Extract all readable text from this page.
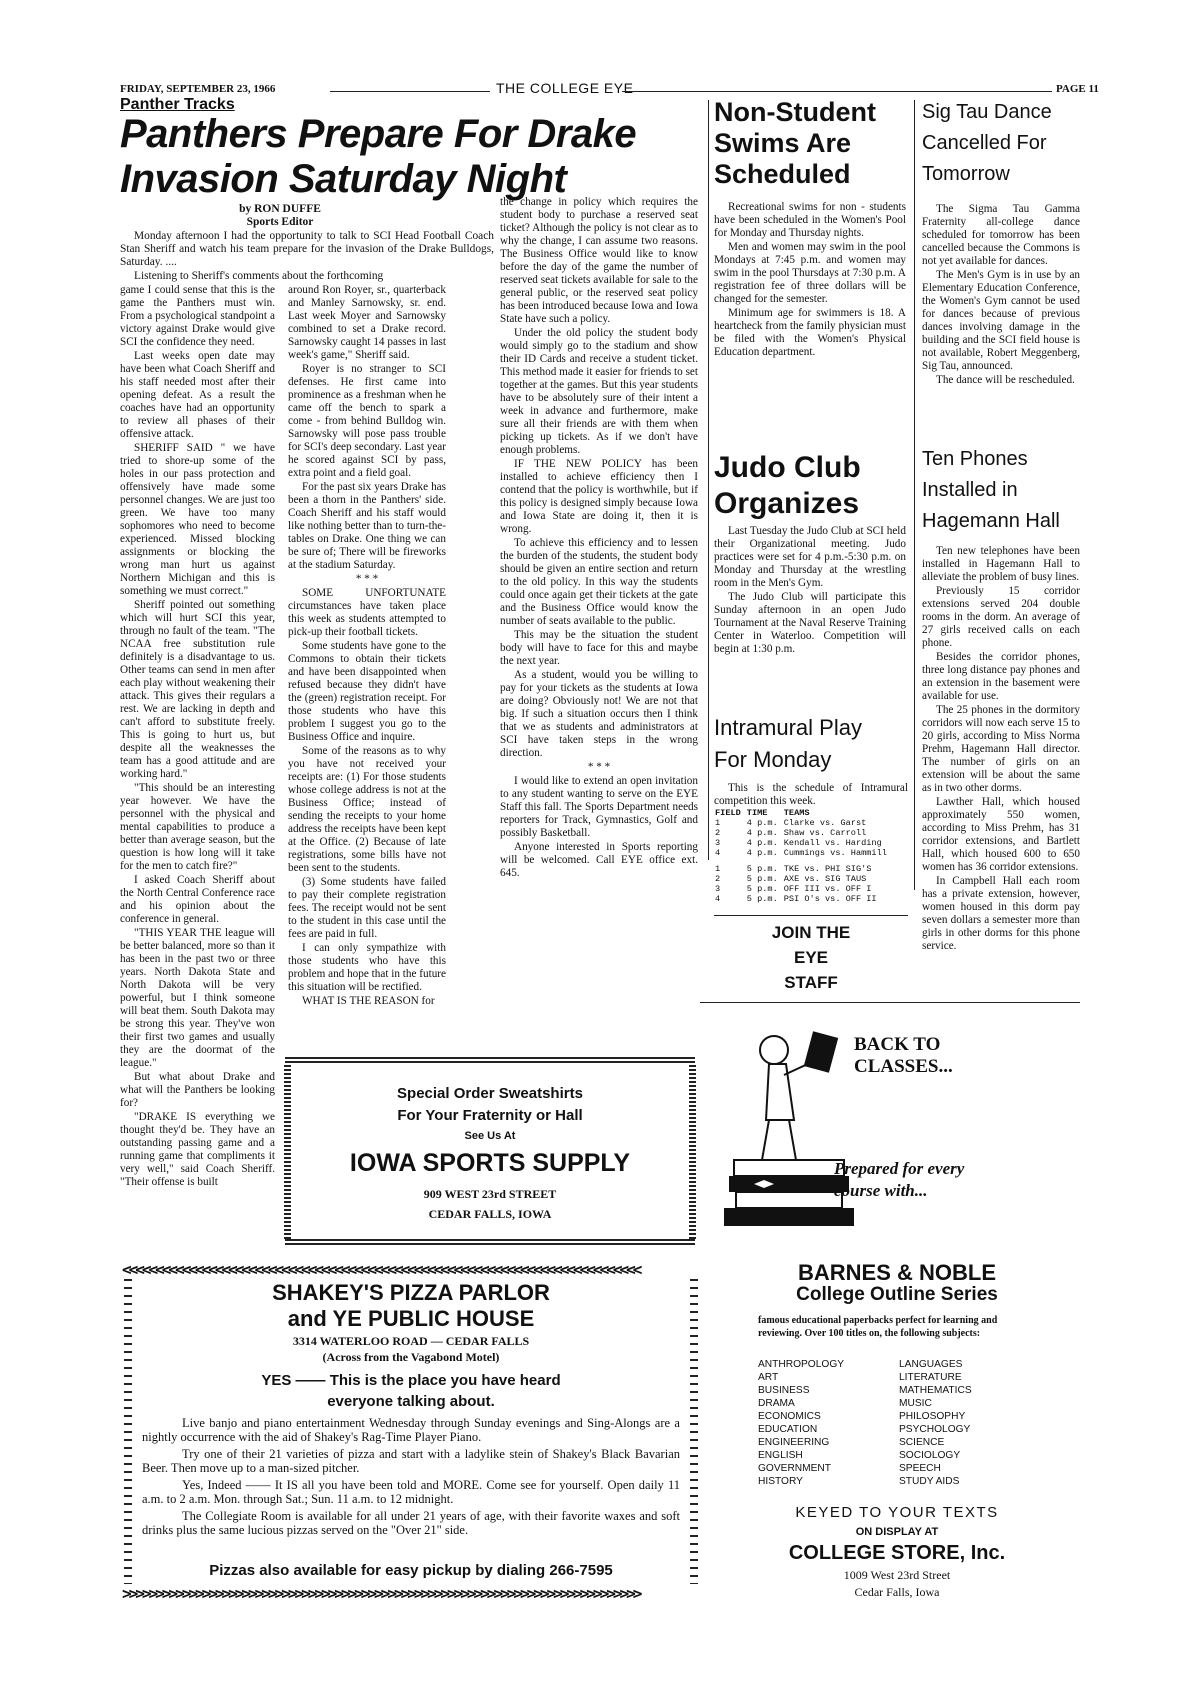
FRIDAY, SEPTEMBER 23, 1966	THE COLLEGE EYE	PAGE 11
Panther Tracks
Panthers Prepare For Drake
Invasion Saturday Night
by RON DUFFE
Sports Editor

Monday afternoon I had the opportunity to talk to SCI Head Football Coach Stan Sheriff and watch his team prepare for the invasion of the Drake Bulldogs, Saturday. ....

Listening to Sheriff's comments about the forthcoming

game I could sense that this is the game the Panthers must win. From a psychological standpoint a victory against Drake would give SCI the confidence they need.

Last weeks open date may have been what Coach Sheriff and his staff needed most after their opening defeat. As a result the coaches have had an opportunity to review all phases of their offensive attack.

SHERIFF SAID " we have tried to shore-up some of the holes in our pass protection and offensively have made some personnel changes. We are just too green. We have too many sophomores who need to become experienced. Missed blocking assignments or blocking the wrong man hurt us against Northern Michigan and this is something we must correct."

Sheriff pointed out something which will hurt SCI this year, through no fault of the team. "The NCAA free substitution rule definitely is a disadvantage to us. Other teams can send in men after each play without weakening their attack. This gives their regulars a rest. We are lacking in depth and can't afford to substitute freely. This is going to hurt us, but despite all the weaknesses the team has a good attitude and are working hard."

"This should be an interesting year however. We have the personnel with the physical and mental capabilities to produce a better than average season, but the question is how long will it take for the men to catch fire?"

I asked Coach Sheriff about the North Central Conference race and his opinion about the conference in general.

"THIS YEAR THE league will be better balanced, more so than it has been in the past two or three years. North Dakota State and North Dakota will be very powerful, but I think someone will beat them. South Dakota may be strong this year. They've won their first two games and usually they are the doormat of the league."

But what about Drake and what will the Panthers be looking for?

"DRAKE IS everything we thought they'd be. They have an outstanding passing game and a running game that compliments it very well," said Coach Sheriff. "Their offense is built

around Ron Royer, sr., quarterback and Manley Sarnowsky, sr. end. Last week Moyer and Sarnowsky combined to set a Drake record. Sarnowsky caught 14 passes in last week's game," Sheriff said.

Royer is no stranger to SCI defenses. He first came into prominence as a freshman when he came off the bench to spark a come - from behind Bulldog win. Sarnowsky will pose pass trouble for SCI's deep secondary. Last year he scored against SCI by pass, extra point and a field goal.

For the past six years Drake has been a thorn in the Panthers' side. Coach Sheriff and his staff would like nothing better than to turn-the-tables on Drake. One thing we can be sure of; There will be fireworks at the stadium Saturday.

* * *

SOME UNFORTUNATE circumstances have taken place this week as students attempted to pick-up their football tickets.

Some students have gone to the Commons to obtain their tickets and have been disappointed when refused because they didn't have the (green) registration receipt. For those students who have this problem I suggest you go to the Business Office and inquire.

Some of the reasons as to why you have not received your receipts are: (1) For those students whose college address is not at the Business Office; instead of sending the receipts to your home address the receipts have been kept at the Office. (2) Because of late registrations, some bills have not been sent to the students.

(3) Some students have failed to pay their complete registration fees. The receipt would not be sent to the student in this case until the fees are paid in full.

I can only sympathize with those students who have this problem and hope that in the future this situation will be rectified.

WHAT IS THE REASON for

the change in policy which requires the student body to purchase a reserved seat ticket? Although the policy is not clear as to why the change, I can assume two reasons. The Business Office would like to know before the day of the game the number of reserved seat tickets available for sale to the general public, or the reserved seat policy has been introduced because Iowa and Iowa State have such a policy.

Under the old policy the student body would simply go to the stadium and show their ID Cards and receive a student ticket. This method made it easier for friends to set together at the games. But this year students have to be absolutely sure of their intent a week in advance and furthermore, make sure all their friends are with them when picking up tickets. As if we don't have enough problems.

IF THE NEW POLICY has been installed to achieve efficiency then I contend that the policy is worthwhile, but if this policy is designed simply because Iowa and Iowa State are doing it, then it is wrong.

To achieve this efficiency and to lessen the burden of the students, the student body should be given an entire section and return to the old policy. In this way the students could once again get their tickets at the gate and the Business Office would know the number of seats available to the public.

This may be the situation the student body will have to face for this and maybe the next year.

As a student, would you be willing to pay for your tickets as the students at Iowa are doing? Obviously not! We are not that big. If such a situation occurs then I think that we as students and administrators at SCI have taken steps in the wrong direction.

* * *

I would like to extend an open invitation to any student wanting to serve on the EYE Staff this fall. The Sports Department needs reporters for Track, Gymnastics, Golf and possibly Basketball.

Anyone interested in Sports reporting will be welcomed. Call EYE office ext. 645.

Non-Student
Swims Are
Scheduled

Recreational swims for non - students have been scheduled in the Women's Pool for Monday and Thursday nights.

Men and women may swim in the pool Mondays at 7:45 p.m. and women may swim in the pool Thursdays at 7:30 p.m. A registration fee of three dollars will be changed for the semester.

Minimum age for swimmers is 18. A heartcheck from the family physician must be filed with the Women's Physical Education department.

Judo Club
Organizes

Last Tuesday the Judo Club at SCI held their Organizational meeting. Judo practices were set for 4 p.m.-5:30 p.m. on Monday and Thursday at the wrestling room in the Men's Gym.

The Judo Club will participate this Sunday afternoon in an open Judo Tournament at the Naval Reserve Training Center in Waterloo. Competition will begin at 1:30 p.m.

Intramural Play
For Monday

This is the schedule of Intramural competition this week.

FIELD	TIME	TEAMS
1	4 p.m.	Clarke vs. Garst
2	4 p.m.	Shaw vs. Carroll
3	4 p.m.	Kendall vs. Harding
4	4 p.m.	Cummings vs. Hammill
1	5 p.m.	TKE vs. PHI SIG'S
2	5 p.m.	AXE vs. SIG TAUS
3	5 p.m.	OFF III vs. OFF I
4	5 p.m.	PSI O's vs. OFF II
JOIN THE
EYE
STAFF
Sig Tau Dance
Cancelled For
Tomorrow

The Sigma Tau Gamma Fraternity all-college dance scheduled for tomorrow has been cancelled because the Commons is not yet available for dances.

The Men's Gym is in use by an Elementary Education Conference, the Women's Gym cannot be used for dances because of previous dances involving damage in the building and the SCI field house is not available, Robert Meggenberg, Sig Tau, announced.

The dance will be rescheduled.

Ten Phones
Installed in
Hagemann Hall

Ten new telephones have been installed in Hagemann Hall to alleviate the problem of busy lines.

Previously 15 corridor extensions served 204 double rooms in the dorm. An average of 27 girls received calls on each phone.

Besides the corridor phones, three long distance pay phones and an extension in the basement were available for use.

The 25 phones in the dormitory corridors will now each serve 15 to 20 girls, according to Miss Norma Prehm, Hagemann Hall director. The number of girls on an extension will be about the same as in two other dorms.

Lawther Hall, which housed approximately 550 women, according to Miss Prehm, has 31 corridor extensions, and Bartlett Hall, which housed 600 to 650 women has 36 corridor extensions.

In Campbell Hall each room has a private extension, however, women housed in this dorm pay seven dollars a semester more than girls in other dorms for this phone service.

Special Order Sweatshirts
For Your Fraternity or Hall
See Us At
IOWA SPORTS SUPPLY
909 WEST 23rd STREET
CEDAR FALLS, IOWA
<<<<<<<<<<<<<<<<<<<<<<<<<<<<<<<<<<<<<<<<<<<<<<<<<<<<<<<<<<<<<<<<<<<<<<<<<<<<<<
>>>>>>>>>>>>>>>>>>>>>>>>>>>>>>>>>>>>>>>>>>>>>>>>>>>>>>>>>>>>>>>>>>>>>>>>>>>>>>
SHAKEY'S PIZZA PARLOR
and YE PUBLIC HOUSE
3314 WATERLOO ROAD — CEDAR FALLS
(Across from the Vagabond Motel)
YES —— This is the place you have heard
everyone talking about.

Live banjo and piano entertainment Wednesday through Sunday evenings and Sing-Alongs are a nightly occurrence with the aid of Shakey's Rag-Time Player Piano.

Try one of their 21 varieties of pizza and start with a ladylike stein of Shakey's Black Bavarian Beer. Then move up to a man-sized pitcher.

Yes, Indeed —— It IS all you have been told and MORE. Come see for yourself. Open daily 11 a.m. to 2 a.m. Mon. through Sat.; Sun. 11 a.m. to 12 midnight.

The Collegiate Room is available for all under 21 years of age, with their favorite waxes and soft drinks plus the same lucious pizzas served on the "Over 21" side.

Pizzas also available for easy pickup by dialing 266-7595
BACK TO
CLASSES...
Prepared for every
course with...
BARNES & NOBLE
College Outline Series
famous educational paperbacks perfect for learning and reviewing. Over 100 titles on, the following subjects:
ANTHROPOLOGY
ART
BUSINESS
DRAMA
ECONOMICS
EDUCATION
ENGINEERING
ENGLISH
GOVERNMENT
HISTORY
LANGUAGES
LITERATURE
MATHEMATICS
MUSIC
PHILOSOPHY
PSYCHOLOGY
SCIENCE
SOCIOLOGY
SPEECH
STUDY AIDS
KEYED TO YOUR TEXTS
ON DISPLAY AT
COLLEGE STORE, Inc.
1009 West 23rd Street
Cedar Falls, Iowa
